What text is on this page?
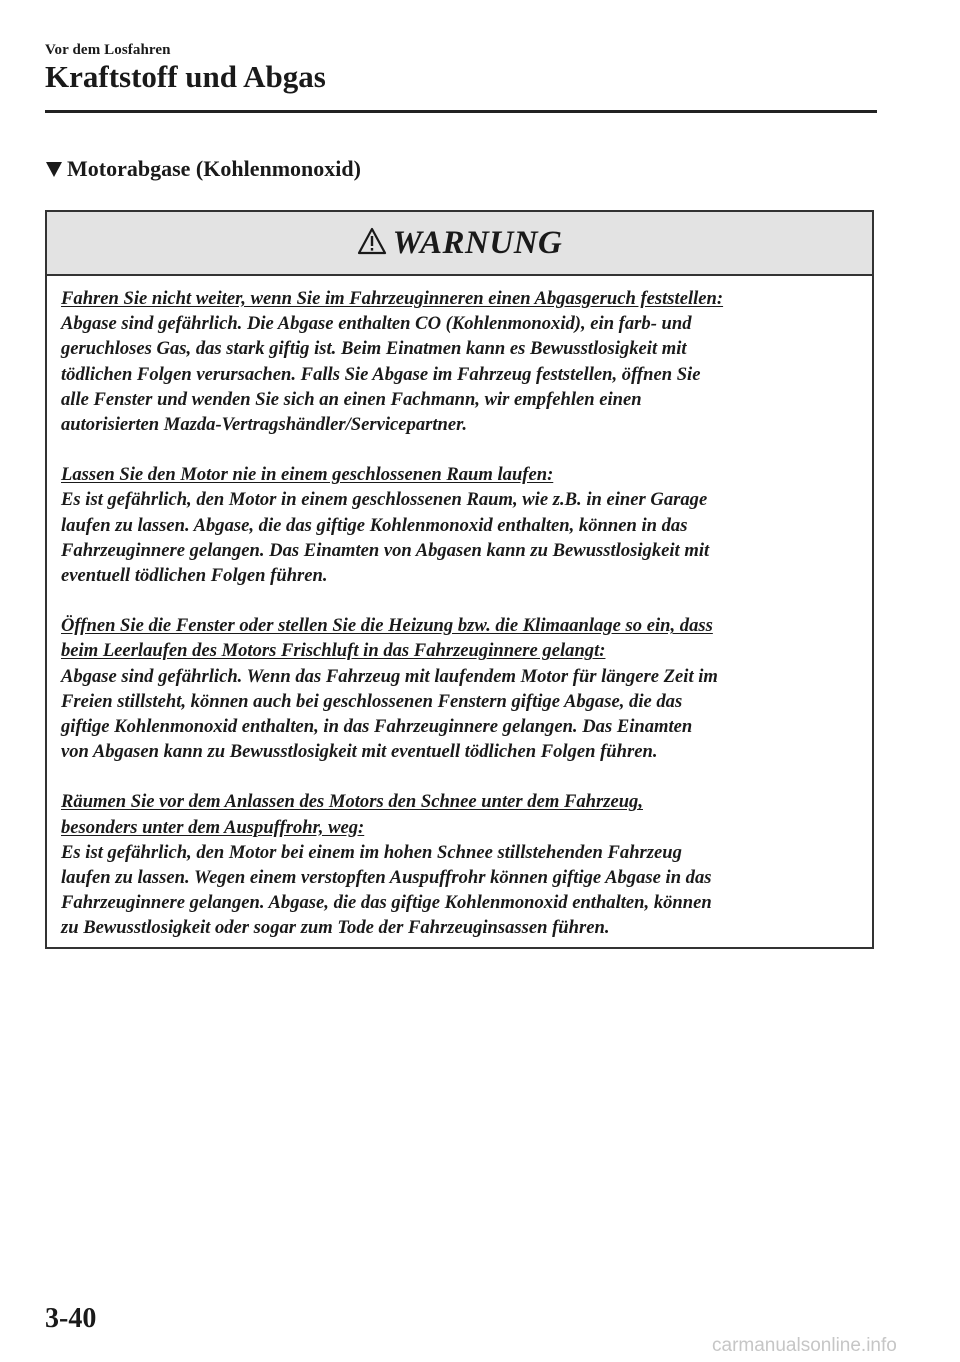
Vor dem Losfahren
Kraftstoff und Abgas
Motorabgase (Kohlenmonoxid)
WARNUNG
Fahren Sie nicht weiter, wenn Sie im Fahrzeuginneren einen Abgasgeruch feststellen:
Abgase sind gefährlich. Die Abgase enthalten CO (Kohlenmonoxid), ein farb- und
geruchloses Gas, das stark giftig ist. Beim Einatmen kann es Bewusstlosigkeit mit
tödlichen Folgen verursachen. Falls Sie Abgase im Fahrzeug feststellen, öffnen Sie
alle Fenster und wenden Sie sich an einen Fachmann, wir empfehlen einen
autorisierten Mazda-Vertragshändler/Servicepartner.
Lassen Sie den Motor nie in einem geschlossenen Raum laufen:
Es ist gefährlich, den Motor in einem geschlossenen Raum, wie z.B. in einer Garage
laufen zu lassen. Abgase, die das giftige Kohlenmonoxid enthalten, können in das
Fahrzeuginnere gelangen. Das Einamten von Abgasen kann zu Bewusstlosigkeit mit
eventuell tödlichen Folgen führen.
Öffnen Sie die Fenster oder stellen Sie die Heizung bzw. die Klimaanlage so ein, dass
beim Leerlaufen des Motors Frischluft in das Fahrzeuginnere gelangt:
Abgase sind gefährlich. Wenn das Fahrzeug mit laufendem Motor für längere Zeit im
Freien stillsteht, können auch bei geschlossenen Fenstern giftige Abgase, die das
giftige Kohlenmonoxid enthalten, in das Fahrzeuginnere gelangen. Das Einamten
von Abgasen kann zu Bewusstlosigkeit mit eventuell tödlichen Folgen führen.
Räumen Sie vor dem Anlassen des Motors den Schnee unter dem Fahrzeug,
besonders unter dem Auspuffrohr, weg:
Es ist gefährlich, den Motor bei einem im hohen Schnee stillstehenden Fahrzeug
laufen zu lassen. Wegen einem verstopften Auspuffrohr können giftige Abgase in das
Fahrzeuginnere gelangen. Abgase, die das giftige Kohlenmonoxid enthalten, können
zu Bewusstlosigkeit oder sogar zum Tode der Fahrzeuginsassen führen.
3-40
carmanualsonline.info
